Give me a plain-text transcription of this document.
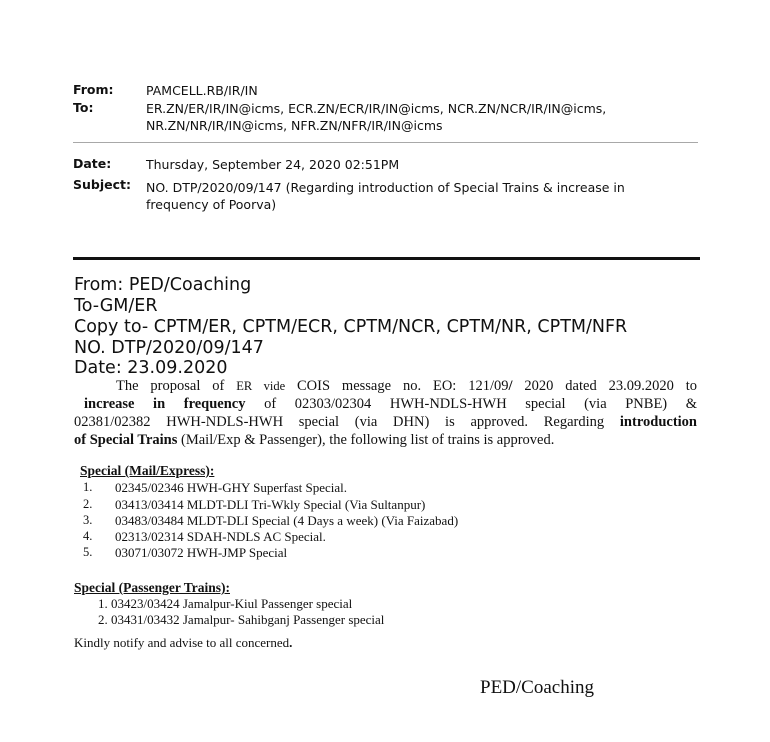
From:	PAMCELL.RB/IR/IN
To:	ER.ZN/ER/IR/IN@icms, ECR.ZN/ECR/IR/IN@icms, NCR.ZN/NCR/IR/IN@icms,
NR.ZN/NR/IR/IN@icms, NFR.ZN/NFR/IR/IN@icms
Date:	Thursday, September 24, 2020 02:51PM
Subject: NO. DTP/2020/09/147 (Regarding introduction of Special Trains & increase in
frequency of Poorva)
From: PED/Coaching
To-GM/ER
Copy to- CPTM/ER, CPTM/ECR, CPTM/NCR, CPTM/NR, CPTM/NFR
NO. DTP/2020/09/147
Date: 23.09.2020
The proposal of ER vide COIS message no. EO: 121/09/ 2020 dated 23.09.2020 to
increase in frequency of 02303/02304 HWH-NDLS-HWH special (via PNBE) &
02381/02382 HWH-NDLS-HWH special (via DHN) is approved. Regarding introduction
of Special Trains (Mail/Exp & Passenger), the following list of trains is approved.
Special (Mail/Express):
1. 02345/02346 HWH-GHY Superfast Special.
2. 03413/03414 MLDT-DLI Tri-Wkly Special (Via Sultanpur)
3. 03483/03484 MLDT-DLI Special (4 Days a week) (Via Faizabad)
4. 02313/02314 SDAH-NDLS AC Special.
5. 03071/03072 HWH-JMP Special
Special (Passenger Trains):
1. 03423/03424 Jamalpur-Kiul Passenger special
2. 03431/03432 Jamalpur- Sahibganj Passenger special
Kindly notify and advise to all concerned.
PED/Coaching
